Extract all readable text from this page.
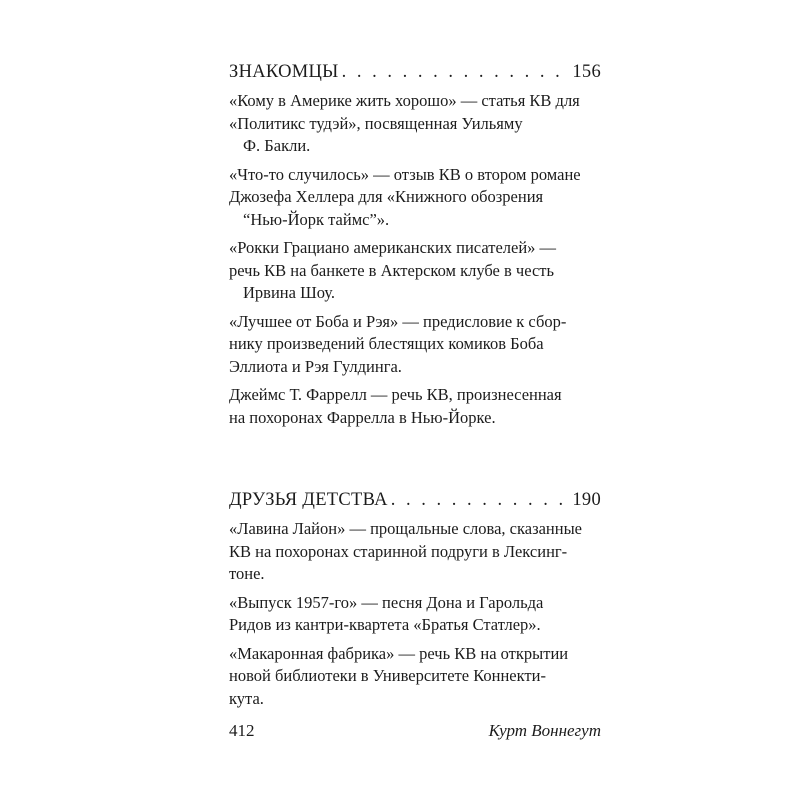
ЗНАКОМЦЫ . . .	156
«Кому в Америке жить хорошо» — статья КВ для
«Политикс тудэй», посвященная Уильяму
Ф. Бакли.
«Что-то случилось» — отзыв КВ о втором романе
Джозефа Хеллера для «Книжного обозрения
“Нью-Йорк таймс”».
«Рокки Грациано американских писателей» —
речь КВ на банкете в Актерском клубе в честь
Ирвина Шоу.
«Лучшее от Боба и Рэя» — предисловие к сбор-
нику произведений блестящих комиков Боба
Эллиота и Рэя Гулдинга.
Джеймс Т. Фаррелл — речь КВ, произнесенная
на похоронах Фаррелла в Нью-Йорке.
ДРУЗЬЯ ДЕТСТВА . . .	190
«Лавина Лайон» — прощальные слова, сказанные
КВ на похоронах старинной подруги в Лексинг-
тоне.
«Выпуск 1957-го» — песня Дона и Гарольда
Ридов из кантри-квартета «Братья Статлер».
«Макаронная фабрика» — речь КВ на открытии
новой библиотеки в Университете Коннекти-
кута.
412	Курт Воннегут
